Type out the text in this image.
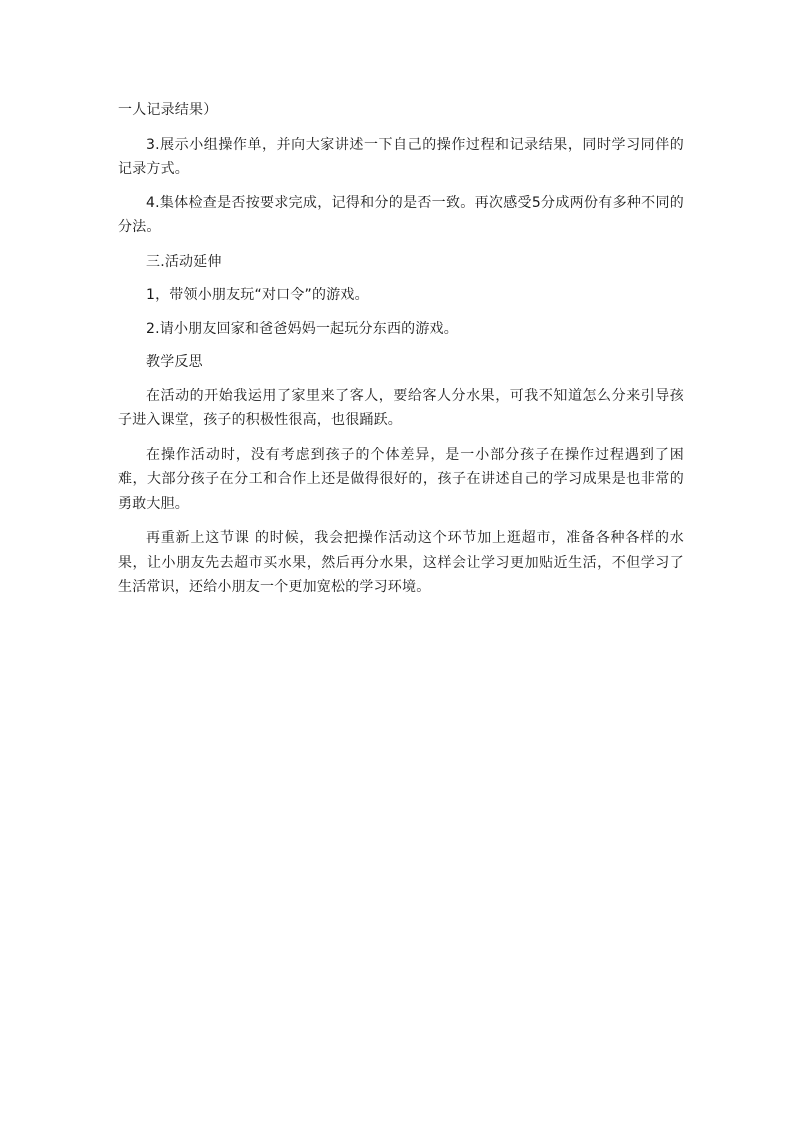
一人记录结果）

3.展示小组操作单，并向大家讲述一下自己的操作过程和记录结果，同时学习同伴的记录方式。

4.集体检查是否按要求完成，记得和分的是否一致。再次感受5分成两份有多种不同的分法。

三.活动延伸

1，带领小朋友玩“对口令”的游戏。

2.请小朋友回家和爸爸妈妈一起玩分东西的游戏。

教学反思

在活动的开始我运用了家里来了客人，要给客人分水果，可我不知道怎么分来引导孩子进入课堂，孩子的积极性很高，也很踊跃。

在操作活动时，没有考虑到孩子的个体差异，是一小部分孩子在操作过程遇到了困难，大部分孩子在分工和合作上还是做得很好的，孩子在讲述自己的学习成果是也非常的勇敢大胆。

再重新上这节课 的时候，我会把操作活动这个环节加上逛超市，准备各种各样的水果，让小朋友先去超市买水果，然后再分水果，这样会让学习更加贴近生活，不但学习了生活常识，还给小朋友一个更加宽松的学习环境。
